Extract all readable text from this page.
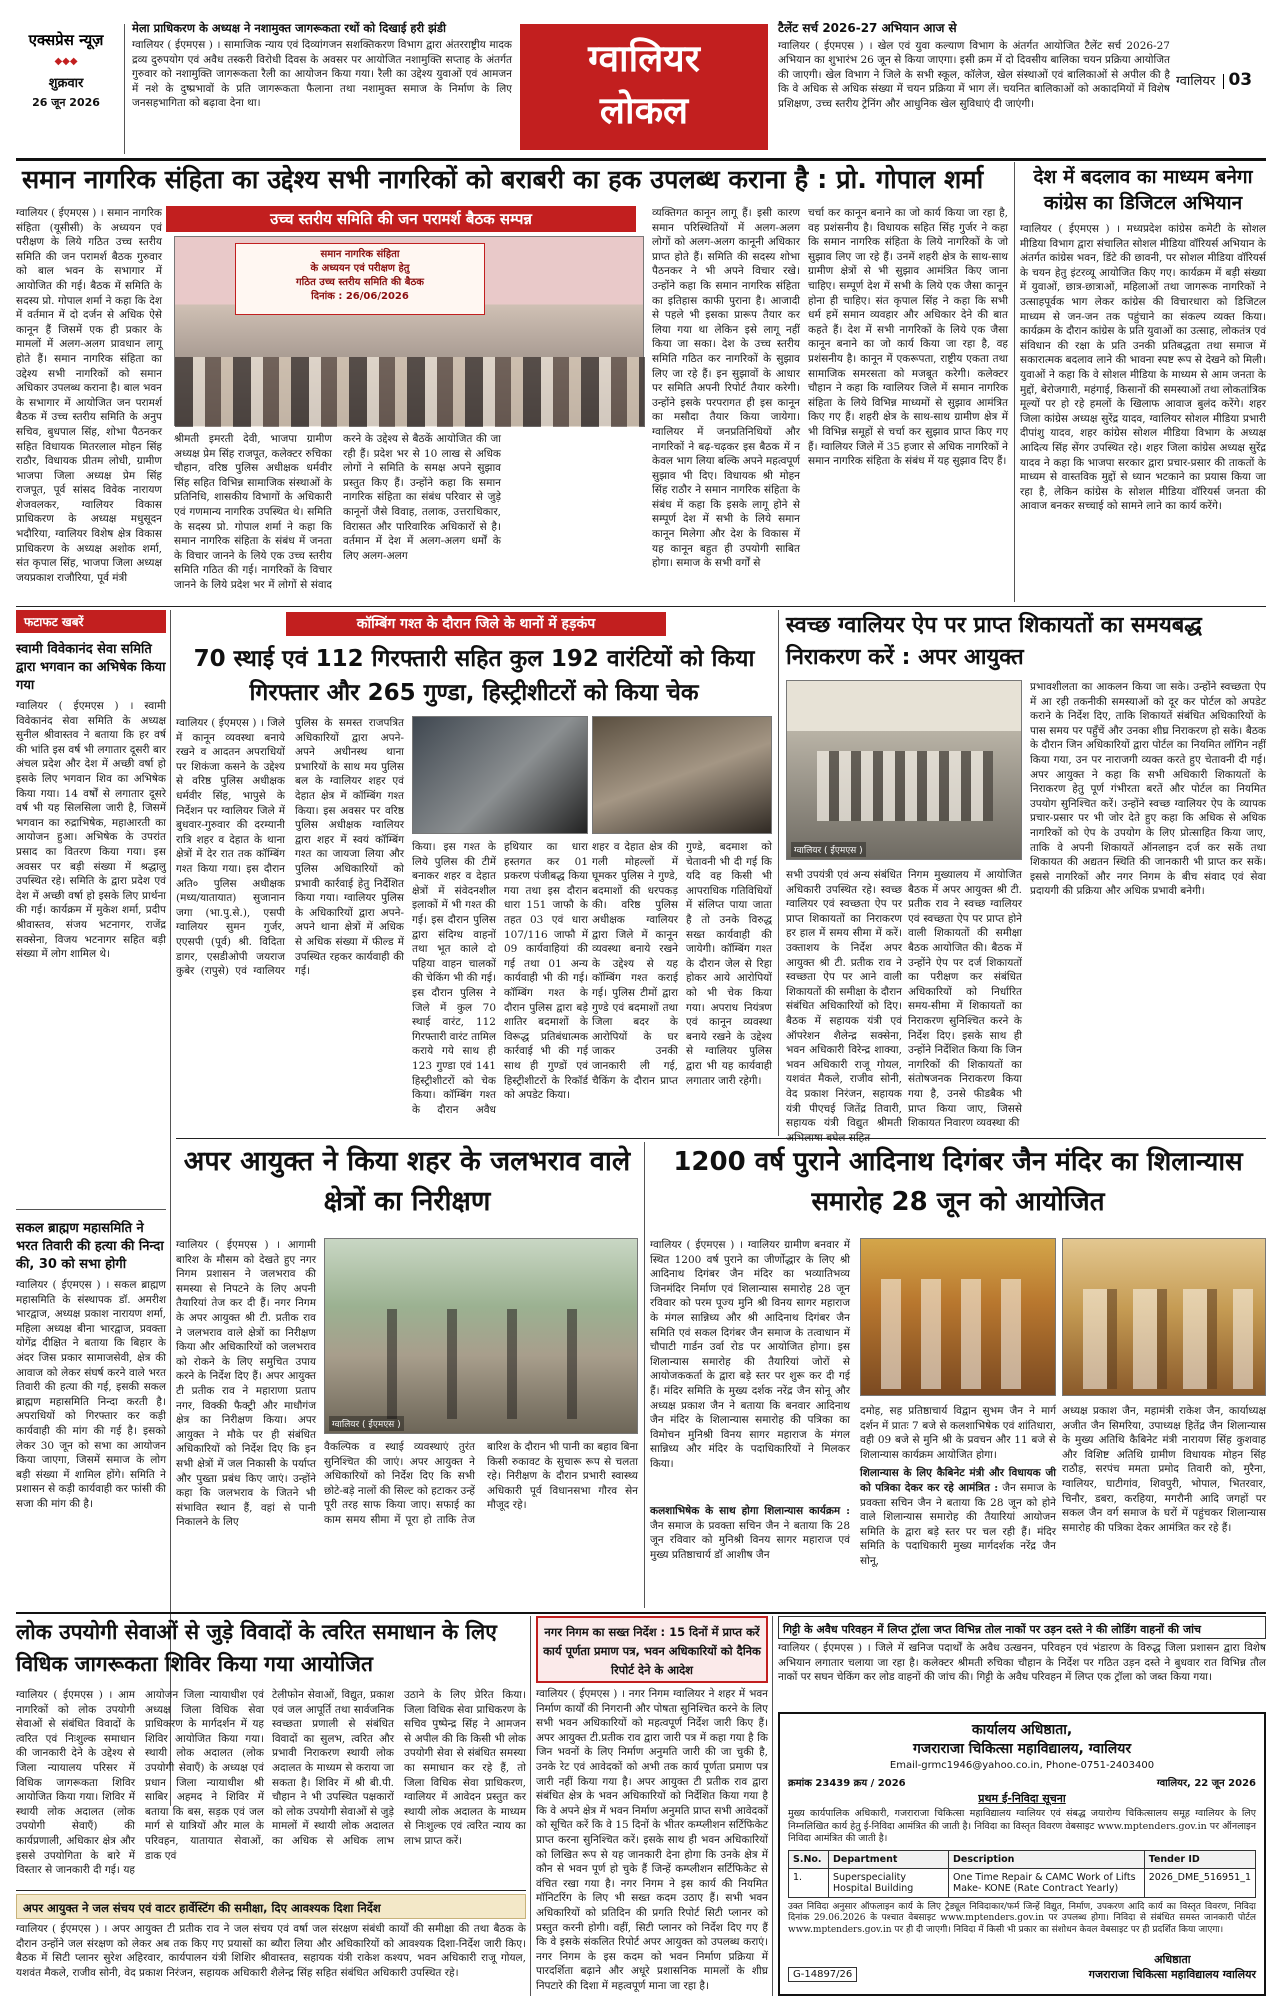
एक्सप्रेस न्यूज़
◆◆◆
शुक्रवार
26 जून 2026
मेला प्राधिकरण के अध्यक्ष ने नशामुक्त जागरूकता रथों को दिखाई हरी झंडी
ग्वालियर ( ईएमएस ) । सामाजिक न्याय एवं दिव्यांगजन सशक्तिकरण विभाग द्वारा अंतरराष्ट्रीय मादक द्रव्य दुरुपयोग एवं अवैध तस्करी विरोधी दिवस के अवसर पर आयोजित नशामुक्ति सप्ताह के अंतर्गत गुरुवार को नशामुक्ति जागरूकता रैली का आयोजन किया गया। रैली का उद्देश्य युवाओं एवं आमजन में नशे के दुष्प्रभावों के प्रति जागरूकता फैलाना तथा नशामुक्त समाज के निर्माण के लिए जनसहभागिता को बढ़ावा देना था।
ग्वालियर
लोकल
टैलेंट सर्च 2026-27 अभियान आज से
ग्वालियर ( ईएमएस ) । खेल एवं युवा कल्याण विभाग के अंतर्गत आयोजित टैलेंट सर्च 2026-27 अभियान का शुभारंभ 26 जून से किया जाएगा। इसी क्रम में दो दिवसीय बालिका चयन प्रक्रिया आयोजित की जाएगी। खेल विभाग ने जिले के सभी स्कूल, कॉलेज, खेल संस्थाओं एवं बालिकाओं से अपील की है कि वे अधिक से अधिक संख्या में चयन प्रक्रिया में भाग लें। चयनित बालिकाओं को अकादमियों में विशेष प्रशिक्षण, उच्च स्तरीय ट्रेनिंग और आधुनिक खेल सुविधाएं दी जाएंगी।
ग्वालियर 03
समान नागरिक संहिता का उद्देश्य सभी नागरिकों को बराबरी का हक उपलब्ध कराना है : प्रो. गोपाल शर्मा
उच्च स्तरीय समिति की जन परामर्श बैठक सम्पन्न
ग्वालियर ( ईएमएस ) । समान नागरिक संहिता (यूसीसी) के अध्ययन एवं परीक्षण के लिये गठित उच्च स्तरीय समिति की जन परामर्श बैठक गुरुवार को बाल भवन के सभागार में आयोजित की गई। बैठक में समिति के सदस्य प्रो. गोपाल शर्मा ने कहा कि देश में वर्तमान में दो दर्जन से अधिक ऐसे कानून हैं जिसमें एक ही प्रकार के मामलों में अलग-अलग प्रावधान लागू होते हैं। समान नागरिक संहिता का उद्देश्य सभी नागरिकों को समान अधिकार उपलब्ध कराना है। बाल भवन के सभागार में आयोजित जन परामर्श बैठक में उच्च स्तरीय समिति के अनुप सचिव, बुधपाल सिंह, शोभा पैठनकर सहित विधायक मितरलाल मोहन सिंह राठौर, विधायक प्रीतम लोधी, ग्रामीण भाजपा जिला अध्यक्ष प्रेम सिंह राजपूत, पूर्व सांसद विवेक नारायण शेजवलकर, ग्वालियर विकास प्राधिकरण के अध्यक्ष मधुसूदन भदौरिया, ग्वालियर विशेष क्षेत्र विकास प्राधिकरण के अध्यक्ष अशोक शर्मा, संत कृपाल सिंह, भाजपा जिला अध्यक्ष जयप्रकाश राजौरिया, पूर्व मंत्री
समान नागरिक संहिता
के अध्ययन एवं परीक्षण हेतु
गठित उच्च स्तरीय समिति की बैठक
दिनांक : 26/06/2026
श्रीमती इमरती देवी, भाजपा ग्रामीण अध्यक्ष प्रेम सिंह राजपूत, कलेक्टर रुचिका चौहान, वरिष्ठ पुलिस अधीक्षक धर्मवीर सिंह सहित विभिन्न सामाजिक संस्थाओं के प्रतिनिधि, शासकीय विभागों के अधिकारी एवं गणमान्य नागरिक उपस्थित थे। समिति के सदस्य प्रो. गोपाल शर्मा ने कहा कि समान नागरिक संहिता के संबंध में जनता के विचार जानने के लिये एक उच्च स्तरीय समिति गठित की गई। नागरिकों के विचार जानने के लिये प्रदेश भर में लोगों से संवाद करने के उद्देश्य से बैठकें आयोजित की जा रही हैं। प्रदेश भर से 10 लाख से अधिक लोगों ने समिति के समक्ष अपने सुझाव प्रस्तुत किए हैं। उन्होंने कहा कि समान नागरिक संहिता का संबंध परिवार से जुड़े कानूनों जैसे विवाह, तलाक, उत्तराधिकार, विरासत और पारिवारिक अधिकारों से है। वर्तमान में देश में अलग-अलग धर्मों के लिए अलग-अलग
व्यक्तिगत कानून लागू हैं। इसी कारण समान परिस्थितियों में अलग-अलग लोगों को अलग-अलग कानूनी अधिकार प्राप्त होते हैं। समिति की सदस्य शोभा पैठनकर ने भी अपने विचार रखे। उन्होंने कहा कि समान नागरिक संहिता का इतिहास काफी पुराना है। आजादी से पहले भी इसका प्रारूप तैयार कर लिया गया था लेकिन इसे लागू नहीं किया जा सका। देश के उच्च स्तरीय समिति गठित कर नागरिकों के सुझाव लिए जा रहे हैं। इन सुझावों के आधार पर समिति अपनी रिपोर्ट तैयार करेगी। उन्होंने इसके परपरागत ही इस कानून का मसौदा तैयार किया जायेगा। ग्वालियर में जनप्रतिनिधियों और नागरिकों ने बढ़-चढ़कर इस बैठक में न केवल भाग लिया बल्कि अपने महत्वपूर्ण सुझाव भी दिए। विधायक श्री मोहन सिंह राठौर ने समान नागरिक संहिता के संबंध में कहा कि इसके लागू होने से सम्पूर्ण देश में सभी के लिये समान कानून मिलेगा और देश के विकास में यह कानून बहुत ही उपयोगी साबित होगा। समाज के सभी वर्गों से
चर्चा कर कानून बनाने का जो कार्य किया जा रहा है, वह प्रशंसनीय है। विधायक सहित सिंह गुर्जर ने कहा कि समान नागरिक संहिता के लिये नागरिकों के जो सुझाव लिए जा रहे हैं। उनमें शहरी क्षेत्र के साथ-साथ ग्रामीण क्षेत्रों से भी सुझाव आमंत्रित किए जाना चाहिए। सम्पूर्ण देश में सभी के लिये एक जैसा कानून होना ही चाहिए। संत कृपाल सिंह ने कहा कि सभी धर्म हमें समान व्यवहार और अधिकार देने की बात कहते हैं। देश में सभी नागरिकों के लिये एक जैसा कानून बनाने का जो कार्य किया जा रहा है, वह प्रशंसनीय है। कानून में एकरूपता, राष्ट्रीय एकता तथा सामाजिक समरसता को मजबूत करेगी। कलेक्टर चौहान ने कहा कि ग्वालियर जिले में समान नागरिक संहिता के लिये विभिन्न माध्यमों से सुझाव आमंत्रित किए गए हैं। शहरी क्षेत्र के साथ-साथ ग्रामीण क्षेत्र में भी विभिन्न समूहों से चर्चा कर सुझाव प्राप्त किए गए हैं। ग्वालियर जिले में 35 हजार से अधिक नागरिकों ने समान नागरिक संहिता के संबंध में यह सुझाव दिए हैं।
देश में बदलाव का माध्यम बनेगा कांग्रेस का डिजिटल अभियान
ग्वालियर ( ईएमएस ) । मध्यप्रदेश कांग्रेस कमेटी के सोशल मीडिया विभाग द्वारा संचालित सोशल मीडिया वॉरियर्स अभियान के अंतर्गत कांग्रेस भवन, डिंटे की छावनी, पर सोशल मीडिया वॉरियर्स के चयन हेतु इंटरव्यू आयोजित किए गए। कार्यक्रम में बड़ी संख्या में युवाओं, छात्र-छात्राओं, महिलाओं तथा जागरूक नागरिकों ने उत्साहपूर्वक भाग लेकर कांग्रेस की विचारधारा को डिजिटल माध्यम से जन-जन तक पहुंचाने का संकल्प व्यक्त किया। कार्यक्रम के दौरान कांग्रेस के प्रति युवाओं का उत्साह, लोकतंत्र एवं संविधान की रक्षा के प्रति उनकी प्रतिबद्धता तथा समाज में सकारात्मक बदलाव लाने की भावना स्पष्ट रूप से देखने को मिली। युवाओं ने कहा कि वे सोशल मीडिया के माध्यम से आम जनता के मुद्दों, बेरोजगारी, महंगाई, किसानों की समस्याओं तथा लोकतांत्रिक मूल्यों पर हो रहे हमलों के खिलाफ आवाज बुलंद करेंगे। शहर जिला कांग्रेस अध्यक्ष सुरेंद्र यादव, ग्वालियर सोशल मीडिया प्रभारी दीपांशु यादव, शहर कांग्रेस सोशल मीडिया विभाग के अध्यक्ष आदित्य सिंह सेंगर उपस्थित रहे। शहर जिला कांग्रेस अध्यक्ष सुरेंद्र यादव ने कहा कि भाजपा सरकार द्वारा प्रचार-प्रसार की ताकतों के माध्यम से वास्तविक मुद्दों से ध्यान भटकाने का प्रयास किया जा रहा है, लेकिन कांग्रेस के सोशल मीडिया वॉरियर्स जनता की आवाज बनकर सच्चाई को सामने लाने का कार्य करेंगे।
फटाफट खबरें
स्वामी विवेकानंद सेवा समिति द्वारा भगवान का अभिषेक किया गया
ग्वालियर ( ईएमएस ) । स्वामी विवेकानंद सेवा समिति के अध्यक्ष सुनील श्रीवास्तव ने बताया कि हर वर्ष की भांति इस वर्ष भी लगातार दूसरी बार अंचल प्रदेश और देश में अच्छी वर्षा हो इसके लिए भगवान शिव का अभिषेक किया गया। 14 वर्षों से लगातार दूसरे वर्ष भी यह सिलसिला जारी है, जिसमें भगवान का रुद्राभिषेक, महाआरती का आयोजन हुआ। अभिषेक के उपरांत प्रसाद का वितरण किया गया। इस अवसर पर बड़ी संख्या में श्रद्धालु उपस्थित रहे। समिति के द्वारा प्रदेश एवं देश में अच्छी वर्षा हो इसके लिए प्रार्थना की गई। कार्यक्रम में मुकेश शर्मा, प्रदीप श्रीवास्तव, संजय भटनागर, राजेंद्र सक्सेना, विजय भटनागर सहित बड़ी संख्या में लोग शामिल थे।
सकल ब्राह्मण महासमिति ने भरत तिवारी की हत्या की निन्दा की, 30 को सभा होगी
ग्वालियर ( ईएमएस ) । सकल ब्राह्मण महासमिति के संस्थापक डॉ. अमरीश भारद्वाज, अध्यक्ष प्रकाश नारायण शर्मा, महिला अध्यक्ष बीना भारद्वाज, प्रवक्ता योगेंद्र दीक्षित ने बताया कि बिहार के अंदर जिस प्रकार सामाजसेवी, क्षेत्र की आवाज को लेकर संघर्ष करने वाले भरत तिवारी की हत्या की गई, इसकी सकल ब्राह्मण महासमिति निन्दा करती है। अपराधियों को गिरफ्तार कर कड़ी कार्यवाही की मांग की गई है। इसको लेकर 30 जून को सभा का आयोजन किया जाएगा, जिसमें समाज के लोग बड़ी संख्या में शामिल होंगे। समिति ने प्रशासन से कड़ी कार्यवाही कर फांसी की सजा की मांग की है।
कॉम्बिंग गश्त के दौरान जिले के थानों में हड़कंप
70 स्थाई एवं 112 गिरफ्तारी सहित कुल 192 वारंटियों को किया गिरफ्तार और 265 गुण्डा, हिस्ट्रीशीटरों को किया चेक
ग्वालियर ( ईएमएस ) । जिले में कानून व्यवस्था बनाये रखने व आदतन अपराधियों पर शिकंजा कसने के उद्देश्य से वरिष्ठ पुलिस अधीक्षक धर्मवीर सिंह, भापुसे के निर्देशन पर ग्वालियर जिले में बुधवार-गुरुवार की दरम्यानी रात्रि शहर व देहात के थाना क्षेत्रों में देर रात तक कॉम्बिंग गश्त किया गया। इस दौरान अति० पुलिस अधीक्षक (मध्य/यातायात) सुजानान जगा (भा.पु.से.), एसपी ग्वालियर सुमन गुर्जर, एएसपी (पूर्व) श्री. विदिता डागर, एसडीओपी जयराज कुबेर (रापुसे) एवं ग्वालियर पुलिस के समस्त राजपत्रित अधिकारियों द्वारा अपने-अपने अधीनस्थ थाना प्रभारियों के साथ मय पुलिस बल के ग्वालियर शहर एवं देहात क्षेत्र में कॉम्बिंग गश्त किया। इस अवसर पर वरिष्ठ पुलिस अधीक्षक ग्वालियर द्वारा शहर में स्वयं कॉम्बिंग गश्त का जायजा लिया और पुलिस अधिकारियों को प्रभावी कार्रवाई हेतु निर्देशित किया गया। ग्वालियर पुलिस के अधिकारियों द्वारा अपने-अपने थाना क्षेत्रों में अधिक से अधिक संख्या में फील्ड में उपस्थित रहकर कार्यवाही की गई।
किया। इस गश्त के लिये पुलिस की टीमें बनाकर शहर व देहात क्षेत्रों में संवेदनशील इलाकों में भी गश्त की गई। इस दौरान पुलिस द्वारा संदिग्ध वाहनों तथा भूत काले दो पहिया वाहन चालकों की चेकिंग भी की गई। इस दौरान पुलिस ने जिले में कुल 70 स्थाई वारंट, 112 गिरफ्तारी वारंट तामिल कराये गये साथ ही 123 गुण्डा एवं 141 हिस्ट्रीशीटरों को चेक किया। कॉम्बिंग गश्त के दौरान अवैध हथियार का धारा हस्तगत कर 01 प्रकरण पंजीबद्ध किया गया तथा इस दौरान धारा 151 जाफौ के तहत 03 एवं धारा 107/116 जाफौ में 09 कार्यवाहियां की गई तथा 01 अन्य कार्यवाही भी की गई। कॉम्बिंग गश्त के दौरान पुलिस द्वारा बड़े शातिर बदमाशों के विरूद्ध प्रतिबंधात्मक कार्रवाई भी की गई साथ ही गुण्डों एवं हिस्ट्रीशीटरों के रिकॉर्ड को अपडेट किया।
शहर व देहात क्षेत्र की गली मोहल्लों में घूमकर पुलिस ने गुण्डे, बदमाशों की धरपकड़ की। वरिष्ठ पुलिस अधीक्षक ग्वालियर द्वारा जिले में कानून व्यवस्था बनाये रखने के उद्देश्य से यह कॉम्बिंग गश्त कराई गई। पुलिस टीमों द्वारा गुण्डे एवं बदमाशों तथा जिला बदर के आरोपियों के घर जाकर उनकी जानकारी ली गई, चैकिंग के दौरान प्राप्त गुण्डे, बदमाश को चेतावनी भी दी गई कि यदि वह किसी भी आपराधिक गतिविधियों में संलिप्त पाया जाता है तो उनके विरुद्ध सख्त कार्यवाही की जायेगी। कॉम्बिंग गश्त के दौरान जेल से रिहा होकर आये आरोपियों को भी चेक किया गया। अपराध नियंत्रण एवं कानून व्यवस्था बनाये रखने के उद्देश्य से ग्वालियर पुलिस द्वारा भी यह कार्यवाही लगातार जारी रहेगी।
स्वच्छ ग्वालियर ऐप पर प्राप्त शिकायतों का समयबद्ध निराकरण करें : अपर आयुक्त
ग्वालियर ( ईएमएस )
प्रभावशीलता का आकलन किया जा सके। उन्होंने स्वच्छता ऐप में आ रही तकनीकी समस्याओं को दूर कर पोर्टल को अपडेट कराने के निर्देश दिए, ताकि शिकायतें संबंधित अधिकारियों के पास समय पर पहुँचें और उनका शीघ्र निराकरण हो सके। बैठक के दौरान जिन अधिकारियों द्वारा पोर्टल का नियमित लॉगिन नहीं किया गया, उन पर नाराजगी व्यक्त करते हुए चेतावनी दी गई। अपर आयुक्त ने कहा कि सभी अधिकारी शिकायतों के निराकरण हेतु पूर्ण गंभीरता बरतें और पोर्टल का नियमित उपयोग सुनिश्चित करें। उन्होंने स्वच्छ ग्वालियर ऐप के व्यापक प्रचार-प्रसार पर भी जोर देते हुए कहा कि अधिक से अधिक नागरिकों को ऐप के उपयोग के लिए प्रोत्साहित किया जाए, ताकि वे अपनी शिकायतें ऑनलाइन दर्ज कर सकें तथा शिकायत की अद्यतन स्थिति की जानकारी भी प्राप्त कर सकें। इससे नागरिकों और नगर निगम के बीच संवाद एवं सेवा प्रदायगी की प्रक्रिया और अधिक प्रभावी बनेगी।
सभी उपयंत्री एवं अन्य संबंधित अधिकारी उपस्थित रहे। स्वच्छ ग्वालियर एवं स्वच्छता ऐप पर प्राप्त शिकायतों का निराकरण हर हाल में समय सीमा में करें। उक्ताशय के निर्देश अपर आयुक्त श्री टी. प्रतीक राव ने स्वच्छता ऐप पर आने वाली शिकायतों की समीक्षा के दौरान संबंधित अधिकारियों को दिए। बैठक में सहायक यंत्री एवं ऑपरेशन शैलेन्द्र सक्सेना, भवन अधिकारी विरेन्द्र शाक्या, भवन अधिकारी राजू गोयल, यशवंत मैकले, राजीव सोनी, वेद प्रकाश निरंजन, सहायक यंत्री पीएचई जितेंद्र तिवारी, सहायक यंत्री विद्युत श्रीमती अभिलाषा बघेल सहित
निगम मुख्यालय में आयोजित बैठक में अपर आयुक्त श्री टी. प्रतीक राव ने स्वच्छ ग्वालियर एवं स्वच्छता ऐप पर प्राप्त होने वाली शिकायतों की समीक्षा बैठक आयोजित की। बैठक में उन्होंने ऐप पर दर्ज शिकायतों का परीक्षण कर संबंधित अधिकारियों को निर्धारित समय-सीमा में शिकायतों का निराकरण सुनिश्चित करने के निर्देश दिए। इसके साथ ही उन्होंने निर्देशित किया कि जिन नागरिकों की शिकायतों का संतोषजनक निराकरण किया गया है, उनसे फीडबैक भी प्राप्त किया जाए, जिससे शिकायत निवारण व्यवस्था की
अपर आयुक्त ने किया शहर के जलभराव वाले क्षेत्रों का निरीक्षण
ग्वालियर ( ईएमएस ) । आगामी बारिश के मौसम को देखते हुए नगर निगम प्रशासन ने जलभराव की समस्या से निपटने के लिए अपनी तैयारियां तेज कर दी हैं। नगर निगम के अपर आयुक्त श्री टी. प्रतीक राव ने जलभराव वाले क्षेत्रों का निरीक्षण किया और अधिकारियों को जलभराव को रोकने के लिए समुचित उपाय करने के निर्देश दिए हैं। अपर आयुक्त टी प्रतीक राव ने महाराणा प्रताप नगर, विक्की फैक्ट्री और माधौगंज क्षेत्र का निरीक्षण किया। अपर आयुक्त ने मौके पर ही संबंधित अधिकारियों को निर्देश दिए कि इन सभी क्षेत्रों में जल निकासी के पर्याप्त और पुख्ता प्रबंध किए जाएं। उन्होंने कहा कि जलभराव के जितने भी संभावित स्थान हैं, वहां से पानी निकालने के लिए
ग्वालियर ( ईएमएस )
वैकल्पिक व स्थाई व्यवस्थाएं तुरंत सुनिश्चित की जाएं। अपर आयुक्त ने अधिकारियों को निर्देश दिए कि सभी छोटे-बड़े नालों की सिल्ट को हटाकर उन्हें पूरी तरह साफ किया जाए। सफाई का काम समय सीमा में पूरा हो ताकि तेज बारिश के दौरान भी पानी का बहाव बिना किसी रुकावट के सुचारू रूप से चलता रहे। निरीक्षण के दौरान प्रभारी स्वास्थ्य अधिकारी पूर्व विधानसभा गौरव सेन मौजूद रहे।
1200 वर्ष पुराने आदिनाथ दिगंबर जैन मंदिर का शिलान्यास समारोह 28 जून को आयोजित
ग्वालियर ( ईएमएस ) । ग्वालियर ग्रामीण बनवार में स्थित 1200 वर्ष पुराने का जीर्णोद्धार के लिए श्री आदिनाथ दिगंबर जैन मंदिर का भव्यातिभव्य जिनमंदिर निर्माण एवं शिलान्यास समारोह 28 जून रविवार को परम पूज्य मुनि श्री विनय सागर महाराज के मंगल सान्निध्य और श्री आदिनाथ दिगंबर जैन समिति एवं सकल दिगंबर जैन समाज के तत्वाधान में चौपाटी गार्डन उर्वा रोड पर आयोजित होगा। इस शिलान्यास समारोह की तैयारियां जोरों से आयोजककर्ता के द्वारा बड़े स्तर पर शुरू कर दी गई हैं। मंदिर समिति के मुख्य दर्शक नरेंद्र जैन सोनू और अध्यक्ष प्रकाश जैन ने बताया कि बनवार आदिनाथ जैन मंदिर के शिलान्यास समारोह की पत्रिका का विमोचन मुनिश्री विनय सागर महाराज के मंगल सान्निध्य और मंदिर के पदाधिकारियों ने मिलकर किया।
कलशाभिषेक के साथ होगा शिलान्यास कार्यक्रम : जैन समाज के प्रवक्ता सचिन जैन ने बताया कि 28 जून रविवार को मुनिश्री विनय सागर महाराज एवं मुख्य प्रतिष्ठाचार्य डॉ आशीष जैन
दमोह, सह प्रतिष्ठाचार्य विद्वान सुभम जैन ने मार्ग दर्शन में प्रातः 7 बजे से कलशाभिषेक एवं शांतिधारा, वही 09 बजे से मुनि श्री के प्रवचन और 11 बजे से शिलान्यास कार्यक्रम आयोजित होगा।
शिलान्यास के लिए कैबिनेट मंत्री और विधायक जी को पत्रिका देकर कर रहे आमंत्रित : जैन समाज के प्रवक्ता सचिन जैन ने बताया कि 28 जून को होने वाले शिलान्यास समारोह की तैयारियां आयोजन समिति के द्वारा बड़े स्तर पर चल रही हैं। मंदिर समिति के पदाधिकारी मुख्य मार्गदर्शक नरेंद्र जैन सोनू,
अध्यक्ष प्रकाश जैन, महामंत्री राकेश जैन, कार्याध्यक्ष अजीत जैन सिमरिया, उपाध्यक्ष हितेंद्र जैन शिलान्यास के मुख्य अतिथि कैबिनेट मंत्री नारायण सिंह कुशवाह और विशिष्ट अतिथि ग्रामीण विधायक मोहन सिंह राठौड़, सरपंच ममता प्रमोद तिवारी को, मुरैना, ग्वालियर, घाटीगांव, शिवपुरी, भोपाल, भितरवार, चिनौर, डबरा, करहिया, मगरौनी आदि जगहों पर सकल जैन वर्ग समाज के घरों में पहुंचकर शिलान्यास समारोह की पत्रिका देकर आमंत्रित कर रहे हैं।
लोक उपयोगी सेवाओं से जुड़े विवादों के त्वरित समाधान के लिए विधिक जागरूकता शिविर किया गया आयोजित
ग्वालियर ( ईएमएस ) । आम नागरिकों को लोक उपयोगी सेवाओं से संबंधित विवादों के त्वरित एवं निःशुल्क समाधान की जानकारी देने के उद्देश्य से जिला न्यायालय परिसर में विधिक जागरूकता शिविर आयोजित किया गया। शिविर में स्थायी लोक अदालत (लोक उपयोगी सेवाएँ) की कार्यप्रणाली, अधिकार क्षेत्र और इससे उपयोगिता के बारे में विस्तार से जानकारी दी गई। यह आयोजन जिला न्यायाधीश एवं अध्यक्ष जिला विधिक सेवा प्राधिकरण के मार्गदर्शन में यह शिविर आयोजित किया गया। स्थायी लोक अदालत (लोक उपयोगी सेवाएँ) के अध्यक्ष एवं प्रधान जिला न्यायाधीश श्री साबिर अहमद ने शिविर में बताया कि बस, सड़क एवं जल मार्ग से यात्रियों और माल के परिवहन, यातायात सेवाओं, डाक एवं
टेलीफोन सेवाओं, विद्युत, प्रकाश एवं जल आपूर्ति तथा सार्वजनिक स्वच्छता प्रणाली से संबंधित विवादों का सुलभ, त्वरित और प्रभावी निराकरण स्थायी लोक अदालत के माध्यम से कराया जा सकता है। शिविर में श्री बी.पी. चौहान ने भी उपस्थित पक्षकारों को लोक उपयोगी सेवाओं से जुड़े मामलों में स्थायी लोक अदालत का अधिक से अधिक लाभ उठाने के लिए प्रेरित किया। जिला विधिक सेवा प्राधिकरण के सचिव पुष्पेन्द्र सिंह ने आमजन से अपील की कि किसी भी लोक उपयोगी सेवा से संबंधित समस्या का समाधान कर रहे हैं, तो जिला विधिक सेवा प्राधिकरण, ग्वालियर में आवेदन प्रस्तुत कर स्थायी लोक अदालत के माध्यम से निःशुल्क एवं त्वरित न्याय का लाभ प्राप्त करें।
अपर आयुक्त ने जल संचय एवं वाटर हार्वेस्टिंग की समीक्षा, दिए आवश्यक दिशा निर्देश
ग्वालियर ( ईएमएस ) । अपर आयुक्त टी प्रतीक राव ने जल संचय एवं वर्षा जल संरक्षण संबंधी कार्यों की समीक्षा की तथा बैठक के दौरान उन्होंने जल संरक्षण को लेकर अब तक किए गए प्रयासों का ब्यौरा लिया और अधिकारियों को आवश्यक दिशा-निर्देश जारी किए। बैठक में सिटी प्लानर सुरेश अहिरवार, कार्यपालन यंत्री शिशिर श्रीवास्तव, सहायक यंत्री राकेश कश्यप, भवन अधिकारी राजू गोयल, यशवंत मैकले, राजीव सोनी, वेद प्रकाश निरंजन, सहायक अधिकारी शैलेन्द्र सिंह सहित संबंधित अधिकारी उपस्थित रहे।
नगर निगम का सख्त निर्देश : 15 दिनों में प्राप्त करें कार्य पूर्णता प्रमाण पत्र, भवन अधिकारियों को दैनिक रिपोर्ट देने के आदेश
ग्वालियर ( ईएमएस ) । नगर निगम ग्वालियर ने शहर में भवन निर्माण कार्यों की निगरानी और पोषता सुनिश्चित करने के लिए सभी भवन अधिकारियों को महत्वपूर्ण निर्देश जारी किए हैं। अपर आयुक्त टी.प्रतीक राव द्वारा जारी पत्र में कहा गया है कि जिन भवनों के लिए निर्माण अनुमति जारी की जा चुकी है, उनके रेट एवं आवेदकों को अभी तक कार्य पूर्णता प्रमाण पत्र जारी नहीं किया गया है। अपर आयुक्त टी प्रतीक राव द्वारा संबंधित क्षेत्र के भवन अधिकारियों को निर्देशित किया गया है कि वे अपने क्षेत्र में भवन निर्माण अनुमति प्राप्त सभी आवेदकों को सूचित करें कि वे 15 दिनों के भीतर कम्प्लीशन सर्टिफिकेट प्राप्त करना सुनिश्चित करें। इसके साथ ही भवन अधिकारियों को लिखित रूप से यह जानकारी देना होगा कि उनके क्षेत्र में कौन से भवन पूर्ण हो चुके हैं जिन्हें कम्प्लीशन सर्टिफिकेट से वंचित रखा गया है। नगर निगम ने इस कार्य की नियमित मॉनिटरिंग के लिए भी सख्त कदम उठाए हैं। सभी भवन अधिकारियों को प्रतिदिन की प्रगति रिपोर्ट सिटी प्लानर को प्रस्तुत करनी होगी। वहीं, सिटी प्लानर को निर्देश दिए गए हैं कि वे इसके संकलित रिपोर्ट अपर आयुक्त को उपलब्ध कराएं। नगर निगम के इस कदम को भवन निर्माण प्रक्रिया में पारदर्शिता बढ़ाने और अधूरे प्रशासनिक मामलों के शीघ्र निपटारे की दिशा में महत्वपूर्ण माना जा रहा है।
गिट्टी के अवैध परिवहन में लिप्त ट्रॉला जप्त विभिन्न तोल नाकों पर उड़न दस्ते ने की लोडिंग वाहनों की जांच
ग्वालियर ( ईएमएस ) । जिले में खनिज पदार्थों के अवैध उत्खनन, परिवहन एवं भंडारण के विरुद्ध जिला प्रशासन द्वारा विशेष अभियान लगातार चलाया जा रहा है। कलेक्टर श्रीमती रुचिका चौहान के निर्देश पर गठित उड़न दस्ते ने बुधवार रात विभिन्न तौल नाकों पर सघन चेकिंग कर लोड वाहनों की जांच की। गिट्टी के अवैध परिवहन में लिप्त एक ट्रॉला को जब्त किया गया।
कार्यालय अधिष्ठाता,
गजराराजा चिकित्सा महाविद्यालय, ग्वालियर
Email-grmc1946@yahoo.co.in, Phone-0751-2403400
क्रमांक 23439 क्रय / 2026	ग्वालियर, 22 जून 2026
प्रथम ई-निविदा सूचना
मुख्य कार्यपालिक अधिकारी, गजराराजा चिकित्सा महाविद्यालय ग्वालियर एवं संबद्ध जयारोग्य चिकित्सालय समूह ग्वालियर के लिए निम्नलिखित कार्य हेतु ई-निविदा आमंत्रित की जाती है। निविदा का विस्तृत विवरण वेबसाइट www.mptenders.gov.in पर ऑनलाइन निविदा आमंत्रित की जाती है।
S.No.	Department	Description	Tender ID
1.	Superspeciality Hospital Building	One Time Repair & CAMC Work of Lifts Make- KONE (Rate Contract Yearly)	2026_DME_516951_1
उक्त निविदा अनुसार ऑफलाइन कार्य के लिए ट्रेड्यूल निविदाकार/फर्म जिन्हें विद्युत, निर्माण, उपकरण आदि कार्य का विस्तृत विवरण, निविदा दिनांक 29.06.2026 के पश्चात वेबसाइट www.mptenders.gov.in पर उपलब्ध होगा। निविदा से संबंधित समस्त जानकारी पोर्टल www.mptenders.gov.in पर ही दी जाएगी। निविदा में किसी भी प्रकार का संशोधन केवल वेबसाइट पर ही प्रदर्शित किया जाएगा।
G-14897/26
अधिष्ठाता
गजराराजा चिकित्सा महाविद्यालय ग्वालियर
